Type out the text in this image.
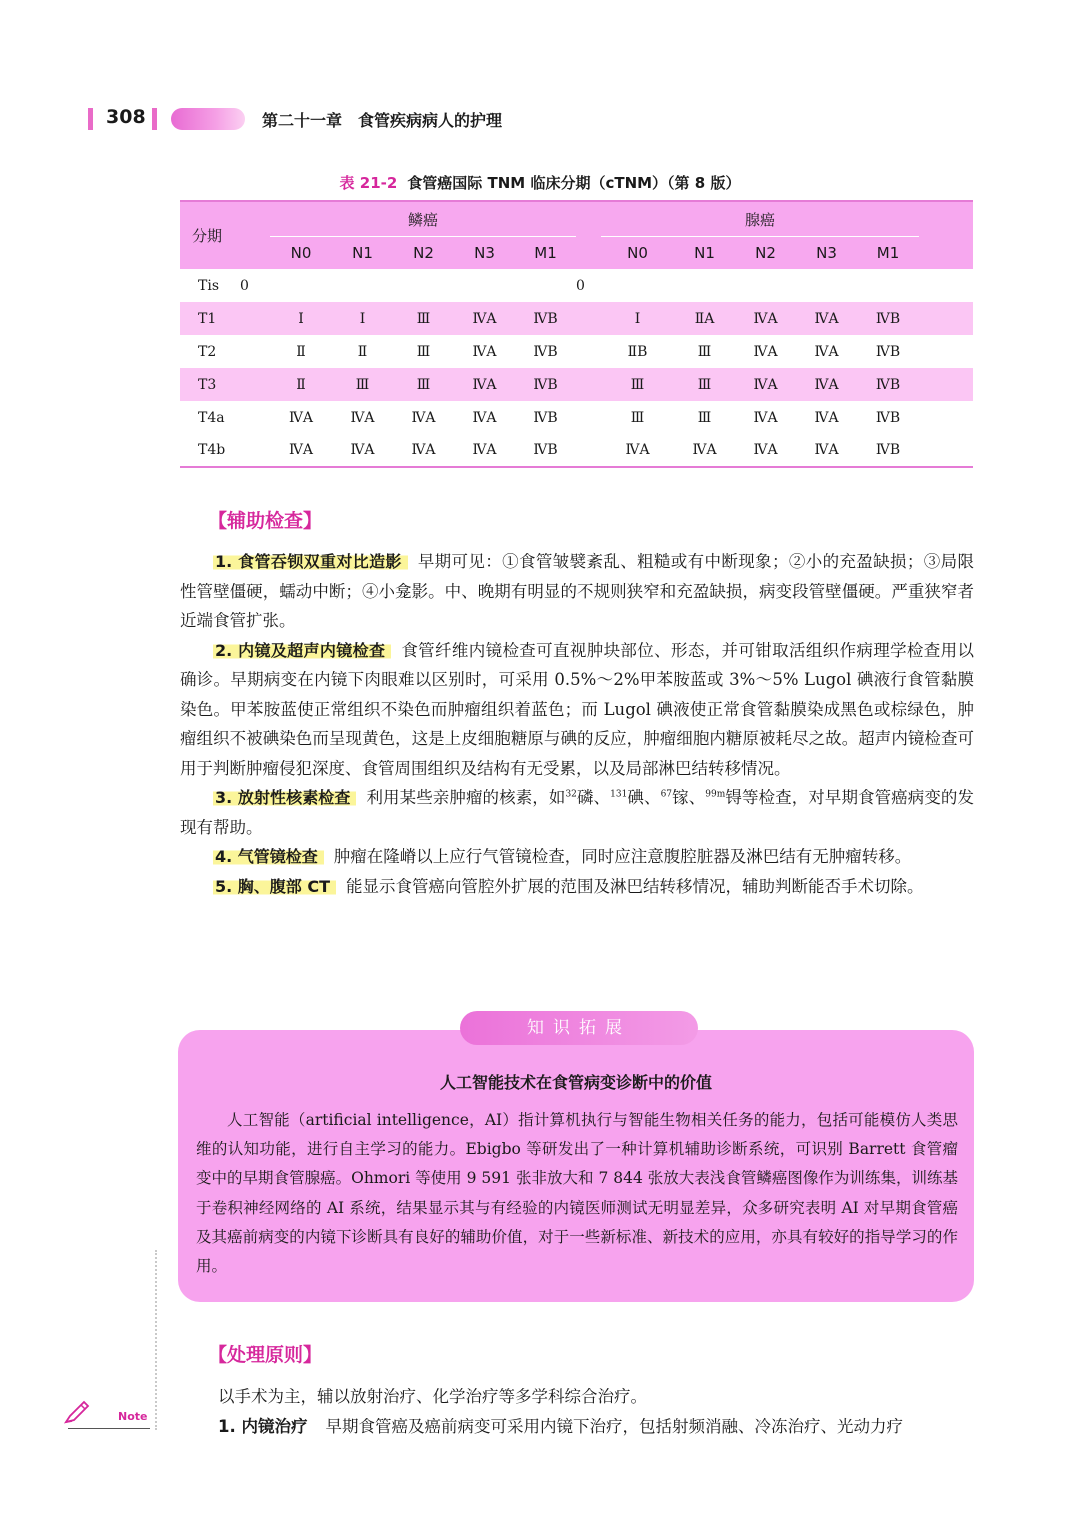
308	第二十一章　食管疾病病人的护理
表 21-2 食管癌国际 TNM 临床分期（cTNM）（第 8 版）
分期		鳞癌						腺癌					
		N0	N1	N2	N3	M1		N0	N1	N2	N3	M1	
Tis	0						0						
T1		Ⅰ	Ⅰ	Ⅲ	ⅣA	ⅣB		Ⅰ	ⅡA	ⅣA	ⅣA	ⅣB	
T2		Ⅱ	Ⅱ	Ⅲ	ⅣA	ⅣB		ⅡB	Ⅲ	ⅣA	ⅣA	ⅣB	
T3		Ⅱ	Ⅲ	Ⅲ	ⅣA	ⅣB		Ⅲ	Ⅲ	ⅣA	ⅣA	ⅣB	
T4a		ⅣA	ⅣA	ⅣA	ⅣA	ⅣB		Ⅲ	Ⅲ	ⅣA	ⅣA	ⅣB	
T4b		ⅣA	ⅣA	ⅣA	ⅣA	ⅣB		ⅣA	ⅣA	ⅣA	ⅣA	ⅣB	
【辅助检查】

1. 食管吞钡双重对比造影 早期可见：①食管皱襞紊乱、粗糙或有中断现象；②小的充盈缺损；③局限性管壁僵硬，蠕动中断；④小龛影。中、晚期有明显的不规则狭窄和充盈缺损，病变段管壁僵硬。严重狭窄者近端食管扩张。

2. 内镜及超声内镜检查 食管纤维内镜检查可直视肿块部位、形态，并可钳取活组织作病理学检查用以确诊。早期病变在内镜下肉眼难以区别时，可采用 0.5%～2%甲苯胺蓝或 3%～5% Lugol 碘液行食管黏膜染色。甲苯胺蓝使正常组织不染色而肿瘤组织着蓝色；而 Lugol 碘液使正常食管黏膜染成黑色或棕绿色，肿瘤组织不被碘染色而呈现黄色，这是上皮细胞糖原与碘的反应，肿瘤细胞内糖原被耗尽之故。超声内镜检查可用于判断肿瘤侵犯深度、食管周围组织及结构有无受累，以及局部淋巴结转移情况。

3. 放射性核素检查 利用某些亲肿瘤的核素，如$^{32}$磷、$^{131}$碘、$^{67}$镓、$^{99m}$锝等检查，对早期食管癌病变的发现有帮助。

4. 气管镜检查 肿瘤在隆嵴以上应行气管镜检查，同时应注意腹腔脏器及淋巴结有无肿瘤转移。

5. 胸、腹部 CT 能显示食管癌向管腔外扩展的范围及淋巴结转移情况，辅助判断能否手术切除。

知识拓展
人工智能技术在食管病变诊断中的价值

人工智能（artificial intelligence，AI）指计算机执行与智能生物相关任务的能力，包括可能模仿人类思维的认知功能，进行自主学习的能力。Ebigbo 等研发出了一种计算机辅助诊断系统，可识别 Barrett 食管瘤变中的早期食管腺癌。Ohmori 等使用 9 591 张非放大和 7 844 张放大表浅食管鳞癌图像作为训练集，训练基于卷积神经网络的 AI 系统，结果显示其与有经验的内镜医师测试无明显差异，众多研究表明 AI 对早期食管癌及其癌前病变的内镜下诊断具有良好的辅助价值，对于一些新标准、新技术的应用，亦具有较好的指导学习的作用。

【处理原则】

以手术为主，辅以放射治疗、化学治疗等多学科综合治疗。

1. 内镜治疗 早期食管癌及癌前病变可采用内镜下治疗，包括射频消融、冷冻治疗、光动力疗

Note
